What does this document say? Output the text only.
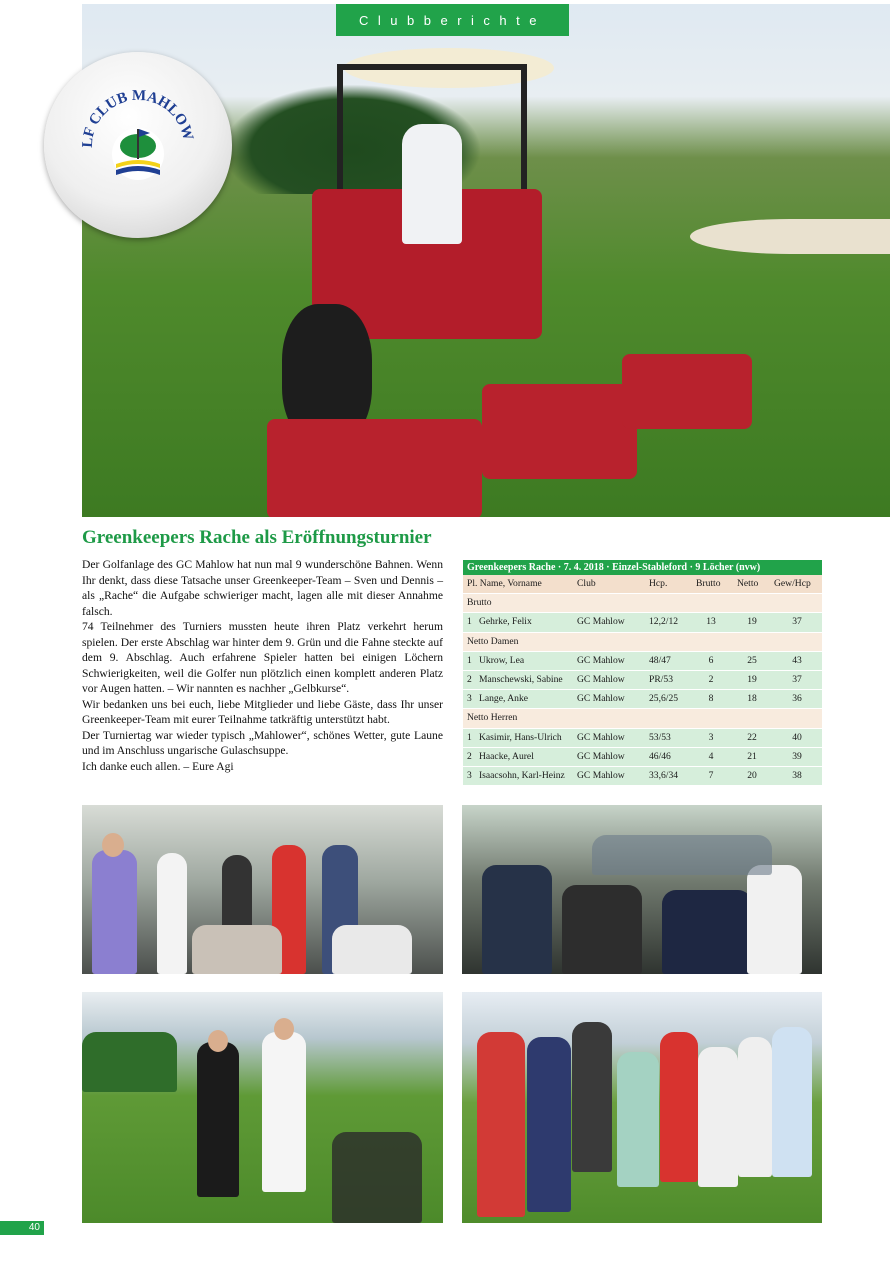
Clubberichte
LF CLUB MAHLOW
Greenkeepers Rache als Eröffnungsturnier

Der Golfanlage des GC Mahlow hat nun mal 9 wunderschöne Bahnen. Wenn Ihr denkt, dass diese Tatsache unser Greenkeeper-Team – Sven und Dennis – als „Rache“ die Aufgabe schwieriger macht, lagen alle mit dieser Annahme falsch.

74 Teilnehmer des Turniers mussten heute ihren Platz verkehrt herum spielen. Der erste Abschlag war hinter dem 9. Grün und die Fahne steckte auf dem 9. Abschlag. Auch erfahrene Spieler hatten bei einigen Löchern Schwierigkeiten, weil die Golfer nun plötzlich einen komplett anderen Platz vor Augen hatten. – Wir nannten es nachher „Gelbkurse“.

Wir bedanken uns bei euch, liebe Mitglieder und liebe Gäste, dass Ihr unser Greenkeeper-Team mit eurer Teilnahme tatkräftig unterstützt habt.

Der Turniertag war wieder typisch „Mahlower“, schönes Wetter, gute Laune und im Anschluss ungarische Gulaschsuppe.

Ich danke euch allen. – Eure Agi

Greenkeepers Rache · 7. 4. 2018 · Einzel-Stableford · 9 Löcher (nvw)
Pl. Name, Vorname	Club	Hcp.	Brutto	Netto	Gew/Hcp
Brutto
1   Gehrke, Felix	GC Mahlow	12,2/12	13	19	37
Netto Damen
1   Ukrow, Lea	GC Mahlow	48/47	6	25	43
2   Manschewski, Sabine GC Mahlow	PR/53	2	19	37
3   Lange, Anke	GC Mahlow	25,6/25	8	18	36
Netto Herren
1   Kasimir, Hans-Ulrich GC Mahlow	53/53	3	22	40
2   Haacke, Aurel	GC Mahlow	46/46	4	21	39
3   Isaacsohn, Karl-Heinz GC Mahlow	33,6/34	7	20	38
40
